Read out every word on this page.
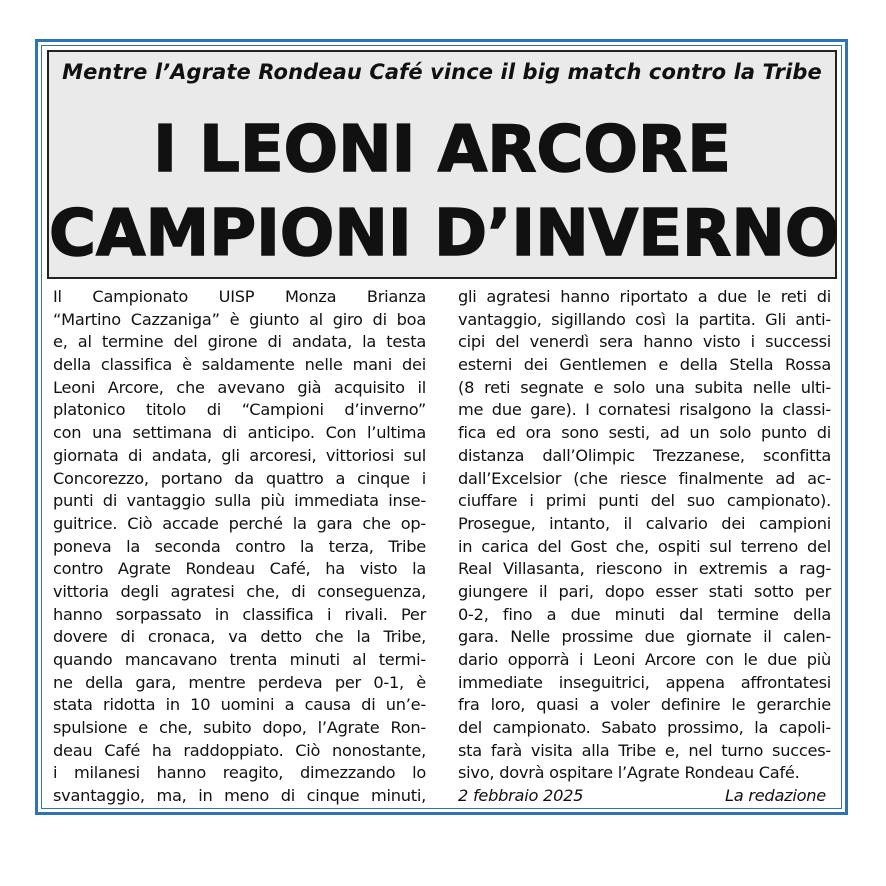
Mentre l’Agrate Rondeau Café vince il big match contro la Tribe
I LEONI ARCORE
CAMPIONI D’INVERNO
Il Campionato UISP Monza Brianza
“Martino Cazzaniga” è giunto al giro di boa
e, al termine del girone di andata, la testa
della classifica è saldamente nelle mani dei
Leoni Arcore, che avevano già acquisito il
platonico titolo di “Campioni d’inverno”
con una settimana di anticipo. Con l’ultima
giornata di andata, gli arcoresi, vittoriosi sul
Concorezzo, portano da quattro a cinque i
punti di vantaggio sulla più immediata inse-
guitrice. Ciò accade perché la gara che op-
poneva la seconda contro la terza, Tribe
contro Agrate Rondeau Café, ha visto la
vittoria degli agratesi che, di conseguenza,
hanno sorpassato in classifica i rivali. Per
dovere di cronaca, va detto che la Tribe,
quando mancavano trenta minuti al termi-
ne della gara, mentre perdeva per 0-1, è
stata ridotta in 10 uomini a causa di un’e-
spulsione e che, subito dopo, l’Agrate Ron-
deau Café ha raddoppiato. Ciò nonostante,
i milanesi hanno reagito, dimezzando lo
svantaggio, ma, in meno di cinque minuti,
gli agratesi hanno riportato a due le reti di
vantaggio, sigillando così la partita. Gli anti-
cipi del venerdì sera hanno visto i successi
esterni dei Gentlemen e della Stella Rossa
(8 reti segnate e solo una subita nelle ulti-
me due gare). I cornatesi risalgono la classi-
fica ed ora sono sesti, ad un solo punto di
distanza dall’Olimpic Trezzanese, sconfitta
dall’Excelsior (che riesce finalmente ad ac-
ciuffare i primi punti del suo campionato).
Prosegue, intanto, il calvario dei campioni
in carica del Gost che, ospiti sul terreno del
Real Villasanta, riescono in extremis a rag-
giungere il pari, dopo esser stati sotto per
0-2, fino a due minuti dal termine della
gara. Nelle prossime due giornate il calen-
dario opporrà i Leoni Arcore con le due più
immediate inseguitrici, appena affrontatesi
fra loro, quasi a voler definire le gerarchie
del campionato. Sabato prossimo, la capoli-
sta farà visita alla Tribe e, nel turno succes-
sivo, dovrà ospitare l’Agrate Rondeau Café.
2 febbraio 2025	La redazione
